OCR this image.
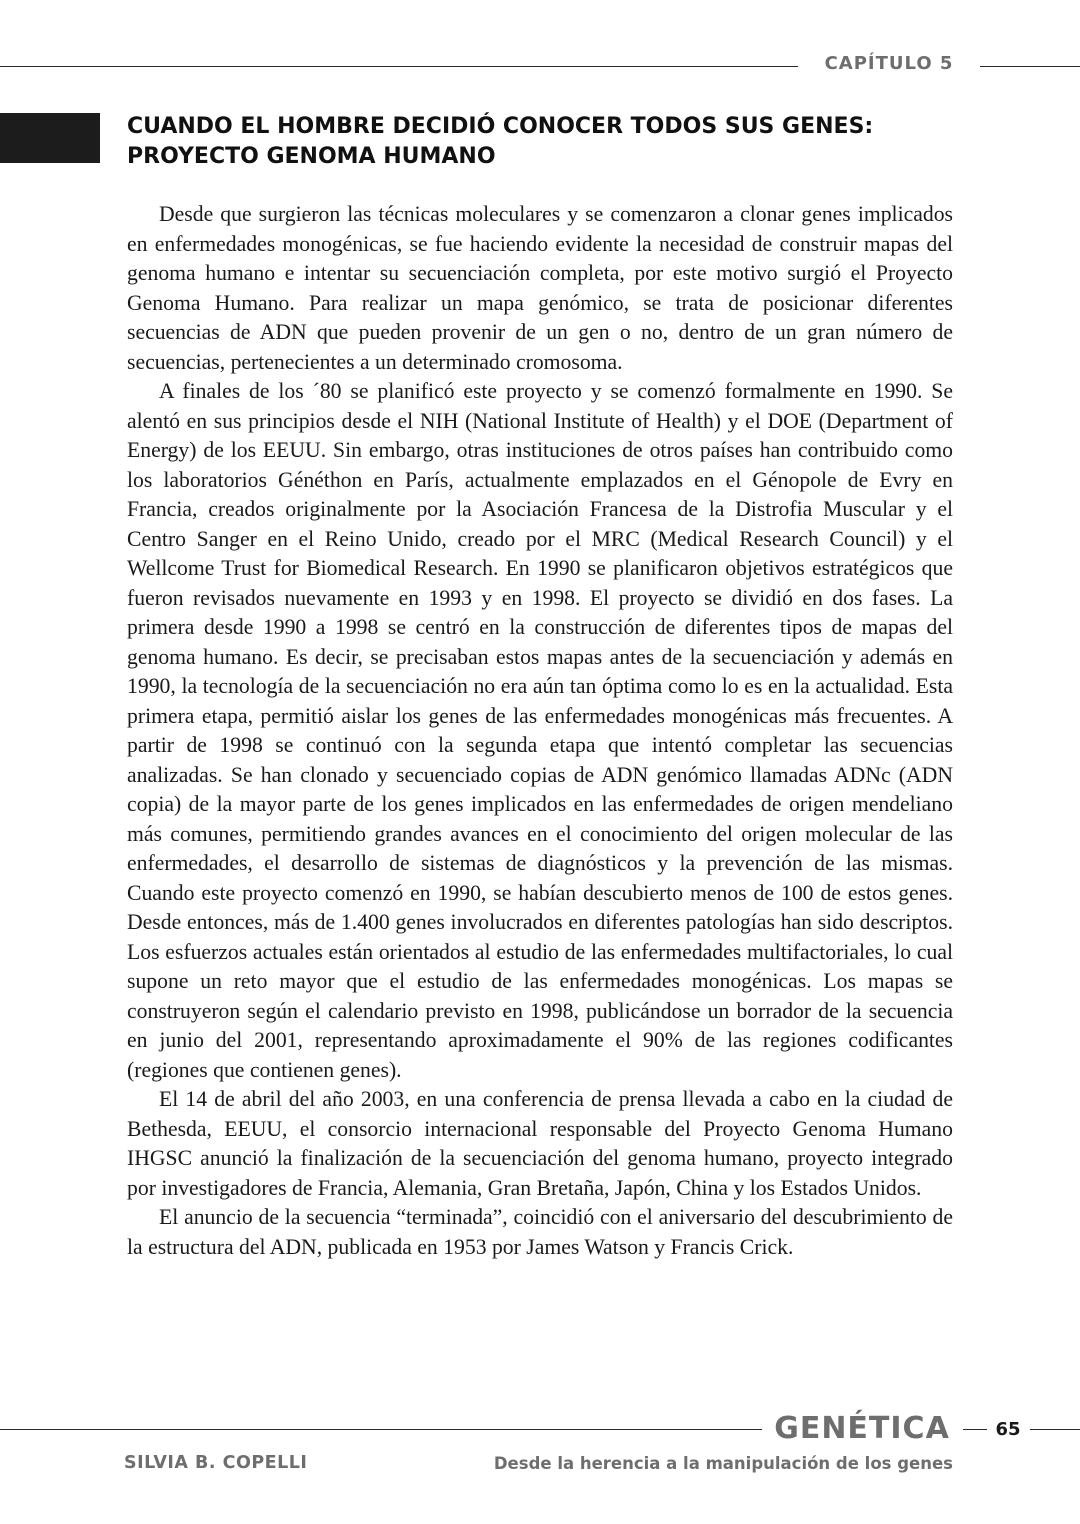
CAPÍTULO 5
CUANDO EL HOMBRE DECIDIÓ CONOCER TODOS SUS GENES:
PROYECTO GENOMA HUMANO

Desde que surgieron las técnicas moleculares y se comenzaron a clonar genes implicados en enfermedades monogénicas, se fue haciendo evidente la necesidad de construir mapas del genoma humano e intentar su secuenciación completa, por este motivo surgió el Proyecto Genoma Humano. Para realizar un mapa genómico, se trata de posicionar diferentes secuencias de ADN que pueden provenir de un gen o no, dentro de un gran número de secuencias, pertenecientes a un determinado cromosoma.

A finales de los ´80 se planificó este proyecto y se comenzó formalmente en 1990. Se alentó en sus principios desde el NIH (National Institute of Health) y el DOE (Department of Energy) de los EEUU. Sin embargo, otras instituciones de otros países han contribuido como los laboratorios Généthon en París, actualmente emplazados en el Génopole de Evry en Francia, creados originalmente por la Asociación Francesa de la Distrofia Muscular y el Centro Sanger en el Reino Unido, creado por el MRC (Medical Research Council) y el Wellcome Trust for Biomedical Research. En 1990 se planificaron objetivos estratégicos que fueron revisados nuevamente en 1993 y en 1998. El proyecto se dividió en dos fases. La primera desde 1990 a 1998 se centró en la construcción de diferentes tipos de mapas del genoma humano. Es decir, se precisaban estos mapas antes de la secuenciación y además en 1990, la tecnología de la secuenciación no era aún tan óptima como lo es en la actualidad. Esta primera etapa, permitió aislar los genes de las enfermedades monogénicas más frecuentes. A partir de 1998 se continuó con la segunda etapa que intentó completar las secuencias analizadas. Se han clonado y secuenciado copias de ADN genómico llamadas ADNc (ADN copia) de la mayor parte de los genes implicados en las enfermedades de origen mendeliano más comunes, permitiendo grandes avances en el conocimiento del origen molecular de las enfermedades, el desarrollo de sistemas de diagnósticos y la prevención de las mismas. Cuando este proyecto comenzó en 1990, se habían descubierto menos de 100 de estos genes. Desde entonces, más de 1.400 genes involucrados en diferentes patologías han sido descriptos. Los esfuerzos actuales están orientados al estudio de las enfermedades multifactoriales, lo cual supone un reto mayor que el estudio de las enfermedades monogénicas. Los mapas se construyeron según el calendario previsto en 1998, publicándose un borrador de la secuencia en junio del 2001, representando aproximadamente el 90% de las regiones codificantes (regiones que contienen genes).

El 14 de abril del año 2003, en una conferencia de prensa llevada a cabo en la ciudad de Bethesda, EEUU, el consorcio internacional responsable del Proyecto Genoma Humano IHGSC anunció la finalización de la secuenciación del genoma humano, proyecto integrado por investigadores de Francia, Alemania, Gran Bretaña, Japón, China y los Estados Unidos.

El anuncio de la secuencia “terminada”, coincidió con el aniversario del descubrimiento de la estructura del ADN, publicada en 1953 por James Watson y Francis Crick.

GENÉTICA	65
SILVIA B. COPELLI	Desde la herencia a la manipulación de los genes
